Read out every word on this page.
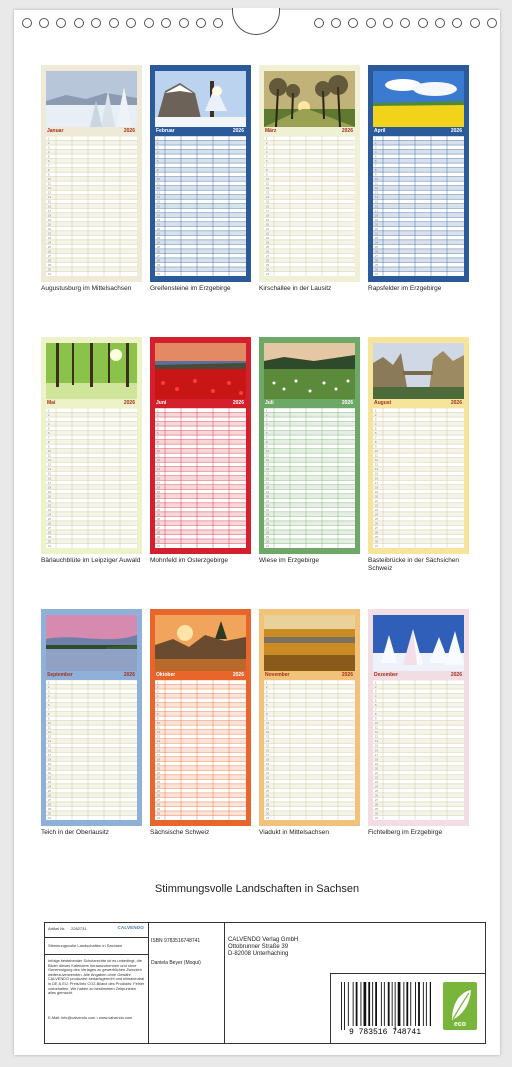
Januar	2026
1
2
3
4
5
6
7
8
9
10
11
12
13
14
15
16
17
18
19
20
21
22
23
24
25
26
27
28
29
30
31
Augustusburg im Mittelsachsen
Februar	2026
1
2
3
4
5
6
7
8
9
10
11
12
13
14
15
16
17
18
19
20
21
22
23
24
25
26
27
28
29
30
31
Greifensteine im Erzgebirge
März	2026
1
2
3
4
5
6
7
8
9
10
11
12
13
14
15
16
17
18
19
20
21
22
23
24
25
26
27
28
29
30
31
Kirschallee in der Lausitz
April	2026
1
2
3
4
5
6
7
8
9
10
11
12
13
14
15
16
17
18
19
20
21
22
23
24
25
26
27
28
29
30
31
Rapsfelder im Erzgebirge
Mai	2026
1
2
3
4
5
6
7
8
9
10
11
12
13
14
15
16
17
18
19
20
21
22
23
24
25
26
27
28
29
30
31
Bärlauchblüte im Leipziger Auwald
Juni	2026
1
2
3
4
5
6
7
8
9
10
11
12
13
14
15
16
17
18
19
20
21
22
23
24
25
26
27
28
29
30
31
Mohnfeld im Osterzgebirge
Juli	2026
1
2
3
4
5
6
7
8
9
10
11
12
13
14
15
16
17
18
19
20
21
22
23
24
25
26
27
28
29
30
31
Wiese im Erzgebirge
August	2026
1
2
3
4
5
6
7
8
9
10
11
12
13
14
15
16
17
18
19
20
21
22
23
24
25
26
27
28
29
30
31
Basteibrücke in der Sächsichen Schweiz
September	2026
1
2
3
4
5
6
7
8
9
10
11
12
13
14
15
16
17
18
19
20
21
22
23
24
25
26
27
28
29
30
31
Teich in der Oberlausitz
Oktober	2026
1
2
3
4
5
6
7
8
9
10
11
12
13
14
15
16
17
18
19
20
21
22
23
24
25
26
27
28
29
30
31
Sächsische Schweiz
November	2026
1
2
3
4
5
6
7
8
9
10
11
12
13
14
15
16
17
18
19
20
21
22
23
24
25
26
27
28
29
30
31
Viadukt in Mittelsachsen
Dezember	2026
1
2
3
4
5
6
7
8
9
10
11
12
13
14
15
16
17
18
19
20
21
22
23
24
25
26
27
28
29
30
31
Fichtelberg im Erzgebirge
Stimmungsvolle Landschaften in Sachsen
Artikel Nr. 2262731	CALVENDO
Stimmungsvolle Landschaften in Sachsen
Infolge bestehender Schutzrechte ist es unbedingt, die Bilder dieses Kalenders herauszutrennen und ohne Genehmigung des Verlages zu gewerblichen Zwecken weiterzuverwenden. Alle Angaben ohne Gewähr. CALVENDO produziert bedarfsgerecht und klimaneutral in DE & EU. Preis/Info CO2-Bilanz des Produkts: Fehler vorbehalten. Wir haben zu bestimmten Zeitpunkten alles gemacht.
E-Mail: info@calvendo.com • www.calvendo.com
ISBN 9783516748741
Daniela Beyer (Moqui)
CALVENDO Verlag GmbH
Ottobrunner Straße 39
D-82008 Unterhaching
9 783516 748741
eco
